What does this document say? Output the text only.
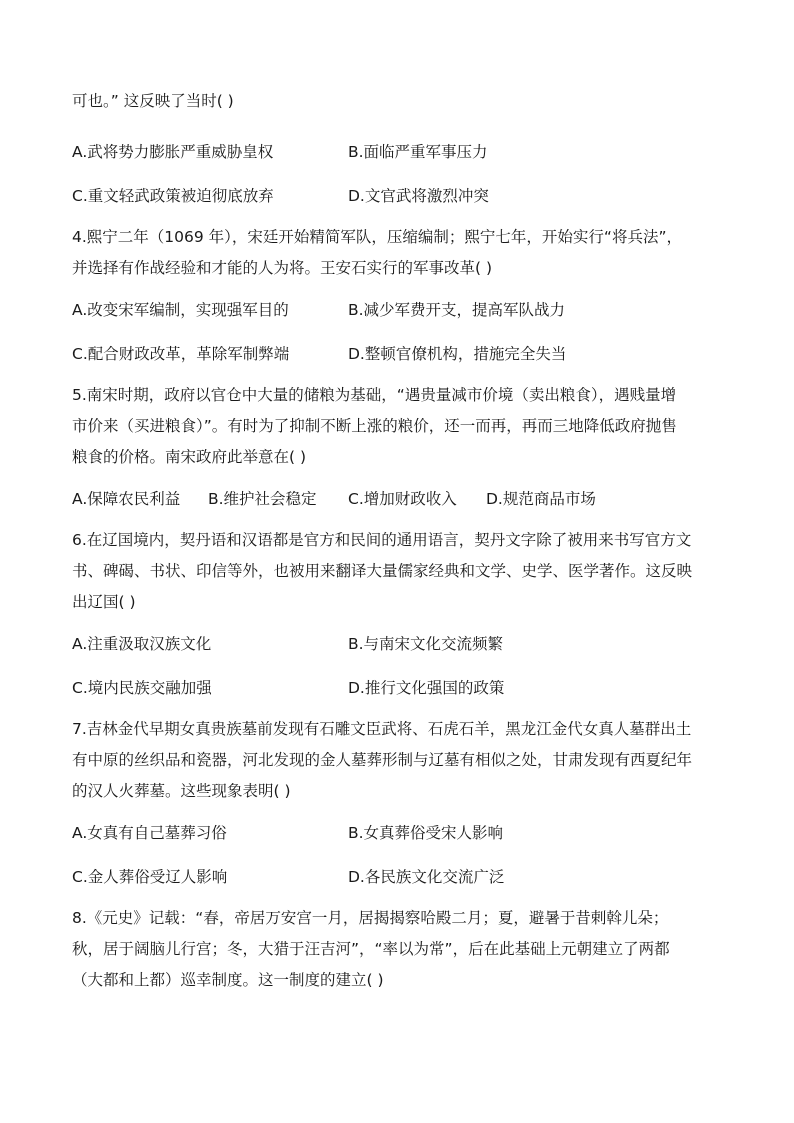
可也。” 这反映了当时( )
A.武将势力膨胀严重威胁皇权	B.面临严重军事压力
C.重文轻武政策被迫彻底放弃	D.文官武将激烈冲突
4.熙宁二年（1069 年），宋廷开始精简军队，压缩编制；熙宁七年，开始实行“将兵法”，
并选择有作战经验和才能的人为将。王安石实行的军事改革( )
A.改变宋军编制，实现强军目的	B.减少军费开支，提高军队战力
C.配合财政改革，革除军制弊端	D.整顿官僚机构，措施完全失当
5.南宋时期，政府以官仓中大量的储粮为基础，“遇贵量减市价境（卖出粮食），遇贱量增
市价来（买进粮食）”。有时为了抑制不断上涨的粮价，还一而再，再而三地降低政府抛售
粮食的价格。南宋政府此举意在( )
A.保障农民利益 B.维护社会稳定 C.增加财政收入 D.规范商品市场
6.在辽国境内，契丹语和汉语都是官方和民间的通用语言，契丹文字除了被用来书写官方文
书、碑碣、书状、印信等外，也被用来翻译大量儒家经典和文学、史学、医学著作。这反映
出辽国( )
A.注重汲取汉族文化	B.与南宋文化交流频繁
C.境内民族交融加强	D.推行文化强国的政策
7.吉林金代早期女真贵族墓前发现有石雕文臣武将、石虎石羊，黑龙江金代女真人墓群出土
有中原的丝织品和瓷器，河北发现的金人墓葬形制与辽墓有相似之处，甘肃发现有西夏纪年
的汉人火葬墓。这些现象表明( )
A.女真有自己墓葬习俗	B.女真葬俗受宋人影响
C.金人葬俗受辽人影响	D.各民族文化交流广泛
8.《元史》记载：“春，帝居万安宫一月，居揭揭察哈殿二月；夏，避暑于昔剌斡儿朵；
秋，居于阔脑儿行宫；冬，大猎于汪吉河”，“率以为常”，后在此基础上元朝建立了两都
（大都和上都）巡幸制度。这一制度的建立( )
